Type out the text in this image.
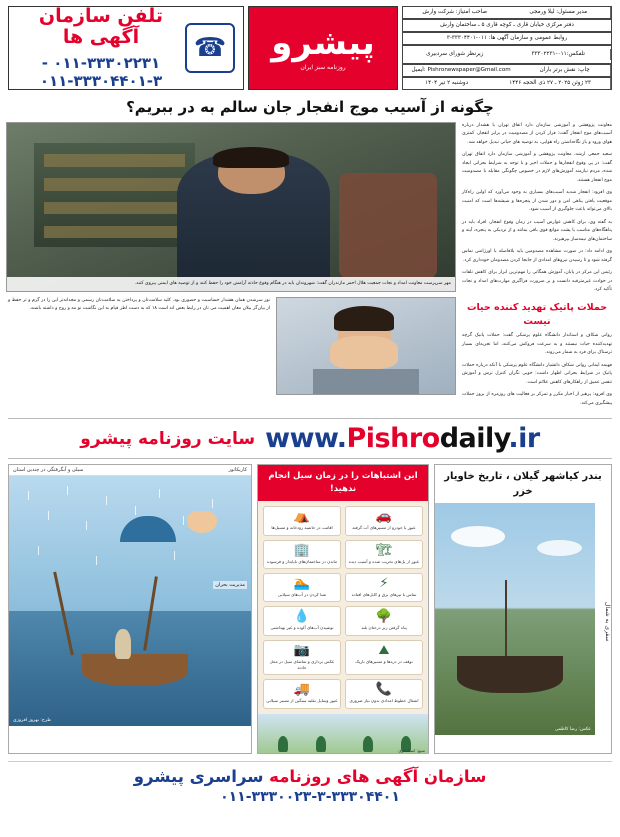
صاحب امتیاز: شرکت وارش	مدیر مسئول: لیلا ورمجی
دفتر مرکزی خیابان قاری ـ کوچه قاری ۵ ـ ساختمان وارش
روابط عمومی و سازمان آگهی ها: ۰۱۱-۳۳۳۰۴۴۰۱-۳
زیرنظر شورای سردبیری	تلفکس:۰۱۱-۳۳۳۰۲۲۳۱
Pishronewspaper@Gmail.com :ایمیل	چاپ: نقش برتر باران
دوشنبه ۲ تیر ۱۴۰۴	۲۳ ژوئن ۲۰۲۵ ـ ۲۷ ذی الحجه ۱۴۴۶
پیشرو
روزنامه سبز ایران
☎
تلفن سازمان آگهی ها
۰۱۱-۳۳۳۰۲۲۳۱ - ۰۱۱-۳۳۳۰۴۴۰۱-۳
چگونه از آسیب موج انفجار جان سالم به در ببریم؟

معاونت پژوهشی و آموزشی سازمان دارد اتفاق تهران با هشدار درباره آسیب‌های موج انفجار گفت: فرار کردن از مصدومیت در برابر انفجار، کمتری هوای ورود و باز نگاه‌داشتن راه هوایی، به توصیه های حیاتی تبدیل خواهد شد.

سعید جمعی ارشد، معاونت پژوهشی و آموزشی سازمان دارد اتفاق تهران گفت: در پی وقوع انفجارها و حملات اخیر و با توجه به شرایط بحرانی ایجاد شده، مردم نیازمند آموزش‌های لازم در خصوص چگونگی مقابله با مصدومیت موج انفجار هستند.

وی افزود: انفجار شدید آسیب‌های بسیاری به وجود می‌آورد که اولین راه‌کار موقعیت یافتن پناهی امن و دور شدن از پنجره‌ها و شیشه‌ها است که امنیت بالای می‌تواند باعث جلوگیری از آسیب شود.

به گفته وی، برای کاهش عوارض آسیب در زمان وقوع انفجار، افراد باید در پناهگاه‌های مناسب یا پشت موانع قوی باقی بمانند و از نزدیکی به پنجره، آینه و ساختمان‌های نیمه‌ساز بپرهیزند.

وی ادامه داد: در صورت مشاهده مصدومین باید بلافاصله با اورژانس تماس گرفته شود و تا رسیدن نیروهای امدادی از جابجا کردن مصدومان خودداری کرد.

رئیس این مرکز در پایان، آموزش همگانی را مهم‌ترین ابزار برای کاهش تلفات در حوادث غیرمترقبه دانست و بر ضرورت فراگیری مهارت‌های امداد و نجات تأکید کرد.

حملات پاتیک تهدید کننده حیات نیست

روانی شکاف و استاندار دانشگاه علوم پزشکی گفت: حملات پانیک گرچه تهدیدکننده حیات نیستند و به سرعت فروکش می‌کنند، اما تجربه‌ای بسیار ترسناک برای فرد به شمار می‌روند.

فهیمه ایمانی روانی شکاف دانشیار دانشگاه علوم پزشکی با آنکه درباره حملات پانیک در شرایط بحرانی اظهار داشت: خوبی نگران کنترل ترس و آموزش تنفس عمیق از راهکارهای کاهش علائم است.

وی افزود: پرهیز از اخبار مکرر و تمرکز بر فعالیت های روزمره از بروز حملات پیشگیری می‌کند.

مهر سرپرست معاونت امداد و نجات جمعیت هلال احمر مازندران گفت: شهروندان باید در هنگام وقوع حادثه آرامش خود را حفظ کنند و از توصیه های ایمنی پیروی کنند.
نور سرشدن همان هشدار حساسیت و حضوری بود. کلید سلامت‌تان و پرداختن به سلامت‌تان رسمی و مجدانه‌تر این را در گرم و تر حفظ و از بیان‌گر بیلان معان اهمیت می تان در رابط بعض اند است ۱۸ که به دست اطر قیام به این نگاشت نو مه و روح و داشته باشند.
سایت روزنامه پیشرو www.Pishrodaily.ir
بندر کیاشهر گیلان ، تاریخ خاویار خزر
سفری به شمال
عکس: رضا کاظمی
این اشتباهات را در زمان سیل انجام ندهید!
🚗
عبور با خودرو از مسیرهای آب گرفته
⛺
اقامت در حاشیه رودخانه و مسیل‌ها
🏗
عبور از پل‌های تخریب شده و آسیب دیده
🏢
ماندن در ساختمان‌های ناپایدار و فرسوده
⚡
تماس با تیرهای برق و کابل‌های افتاده
🏊
شنا کردن در آب‌های سیلابی
🌳
پناه گرفتن زیر درختان بلند
💧
نوشیدن آب‌های آلوده و غیر بهداشتی
⛰
توقف در دره‌ها و مسیرهای باریک
📷
عکس برداری و تماشای سیل در محل حادثه
📞
اشغال خطوط امدادی بدون نیاز ضروری
🚚
عبور وسایل نقلیه سنگین از مسیر سیلابی
منبع: استانداری
سیلی و آبگرفتگی در چندین استان	کاریکاتور
مدیریت بحران
طرح: بهروز افروزی
سازمان آگهی های روزنامه سراسری پیشرو
۰۱۱-۳۳۳۰۰۲۳-۳-۳۳۳۰۴۴۰۱
